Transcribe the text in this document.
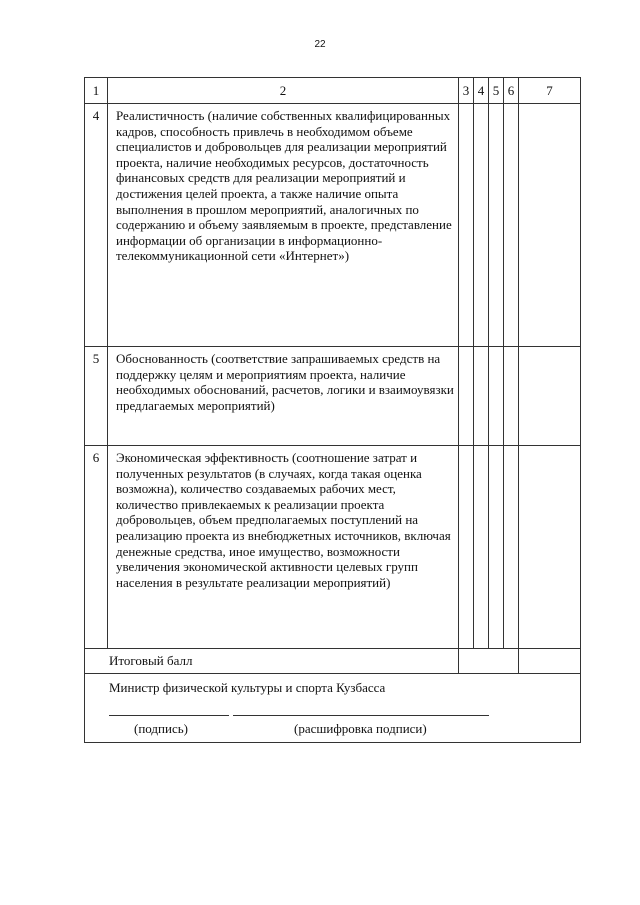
22
1	2	3	4	5	6	7
4	Реалистичность (наличие собственных квалифицированных кадров, способность привлечь в необходимом объеме специалистов и добровольцев для реализации мероприятий проекта, наличие необходимых ресурсов, достаточность финансовых средств для реализации мероприятий и достижения целей проекта, а также наличие опыта выполнения в прошлом мероприятий, аналогичных по содержанию и объему заявляемым в проекте, представление информации об организации в информационно-телекоммуникационной сети «Интернет»)					
5	Обоснованность (соответствие запрашиваемых средств на поддержку целям и мероприятиям проекта, наличие необходимых обоснований, расчетов, логики и взаимоувязки предлагаемых мероприятий)					
6	Экономическая эффективность (соотношение затрат и полученных результатов (в случаях, когда такая оценка возможна), количество создаваемых рабочих мест, количество привлекаемых к реализации проекта добровольцев, объем предполагаемых поступлений на реализацию проекта из внебюджетных источников, включая денежные средства, иное имущество, возможности увеличения экономической активности целевых групп населения в результате реализации мероприятий)					
Итоговый балл						

Министр физической культуры и спорта Кузбасса
(подпись) (расшифровка подписи)						
